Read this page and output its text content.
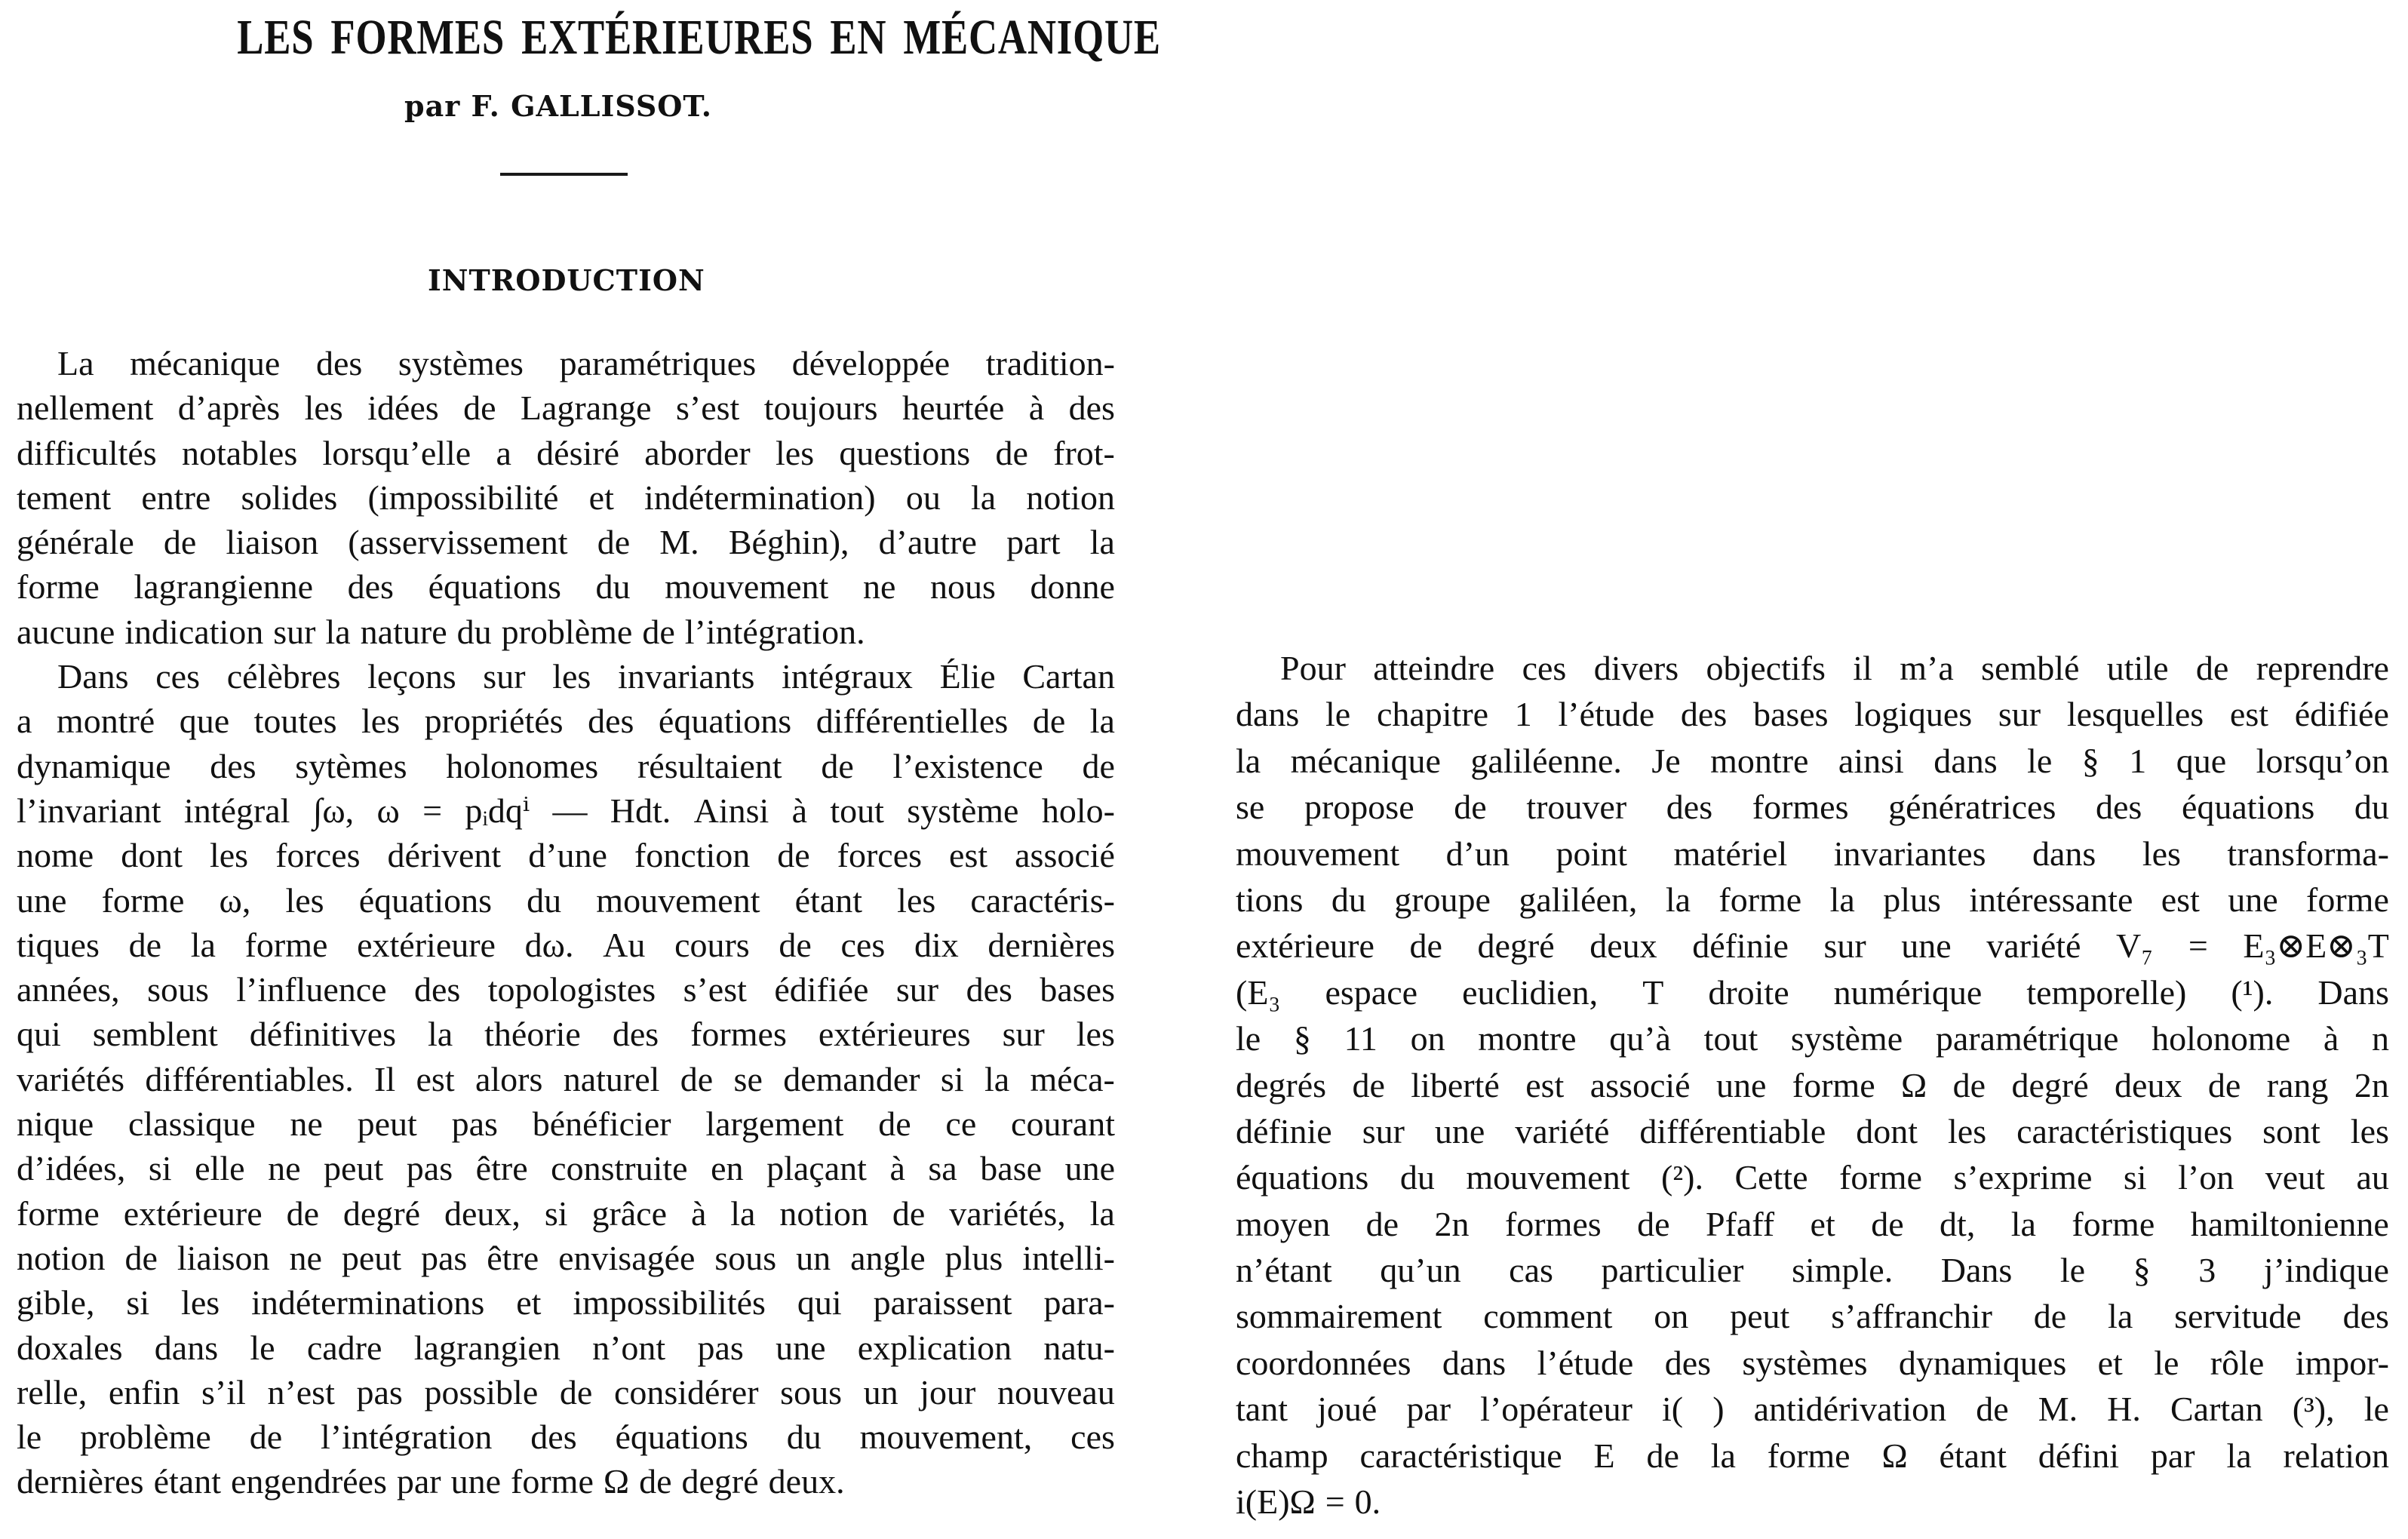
LES FORMES EXTÉRIEURES EN MÉCANIQUE
par F. GALLISSOT.
INTRODUCTION
La mécanique des systèmes paramétriques développée tradition-
nellement d’après les idées de Lagrange s’est toujours heurtée à des
difficultés notables lorsqu’elle a désiré aborder les questions de frot-
tement entre solides (impossibilité et indétermination) ou la notion
générale de liaison (asservissement de M. Béghin), d’autre part la
forme lagrangienne des équations du mouvement ne nous donne
aucune indication sur la nature du problème de l’intégration.
Dans ces célèbres leçons sur les invariants intégraux Élie Cartan
a montré que toutes les propriétés des équations différentielles de la
dynamique des sytèmes holonomes résultaient de l’existence de
l’invariant intégral ∫ω, ω = pᵢdqⁱ — Hdt. Ainsi à tout système holo-
nome dont les forces dérivent d’une fonction de forces est associé
une forme ω, les équations du mouvement étant les caractéris-
tiques de la forme extérieure dω. Au cours de ces dix dernières
années, sous l’influence des topologistes s’est édifiée sur des bases
qui semblent définitives la théorie des formes extérieures sur les
variétés différentiables. Il est alors naturel de se demander si la méca-
nique classique ne peut pas bénéficier largement de ce courant
d’idées, si elle ne peut pas être construite en plaçant à sa base une
forme extérieure de degré deux, si grâce à la notion de variétés, la
notion de liaison ne peut pas être envisagée sous un angle plus intelli-
gible, si les indéterminations et impossibilités qui paraissent para-
doxales dans le cadre lagrangien n’ont pas une explication natu-
relle, enfin s’il n’est pas possible de considérer sous un jour nouveau
le problème de l’intégration des équations du mouvement, ces
dernières étant engendrées par une forme Ω de degré deux.
Pour atteindre ces divers objectifs il m’a semblé utile de reprendre
dans le chapitre 1 l’étude des bases logiques sur lesquelles est édifiée
la mécanique galiléenne. Je montre ainsi dans le § 1 que lorsqu’on
se propose de trouver des formes génératrices des équations du
mouvement d’un point matériel invariantes dans les transforma-
tions du groupe galiléen, la forme la plus intéressante est une forme
extérieure de degré deux définie sur une variété V₇ = E₃⊗E⊗₃T
(E₃ espace euclidien, T droite numérique temporelle) (¹). Dans
le § 11 on montre qu’à tout système paramétrique holonome à n
degrés de liberté est associé une forme Ω de degré deux de rang 2n
définie sur une variété différentiable dont les caractéristiques sont les
équations du mouvement (²). Cette forme s’exprime si l’on veut au
moyen de 2n formes de Pfaff et de dt, la forme hamiltonienne
n’étant qu’un cas particulier simple. Dans le § 3 j’indique
sommairement comment on peut s’affranchir de la servitude des
coordonnées dans l’étude des systèmes dynamiques et le rôle impor-
tant joué par l’opérateur i( ) antidérivation de M. H. Cartan (³), le
champ caractéristique E de la forme Ω étant défini par la relation
i(E)Ω = 0.
